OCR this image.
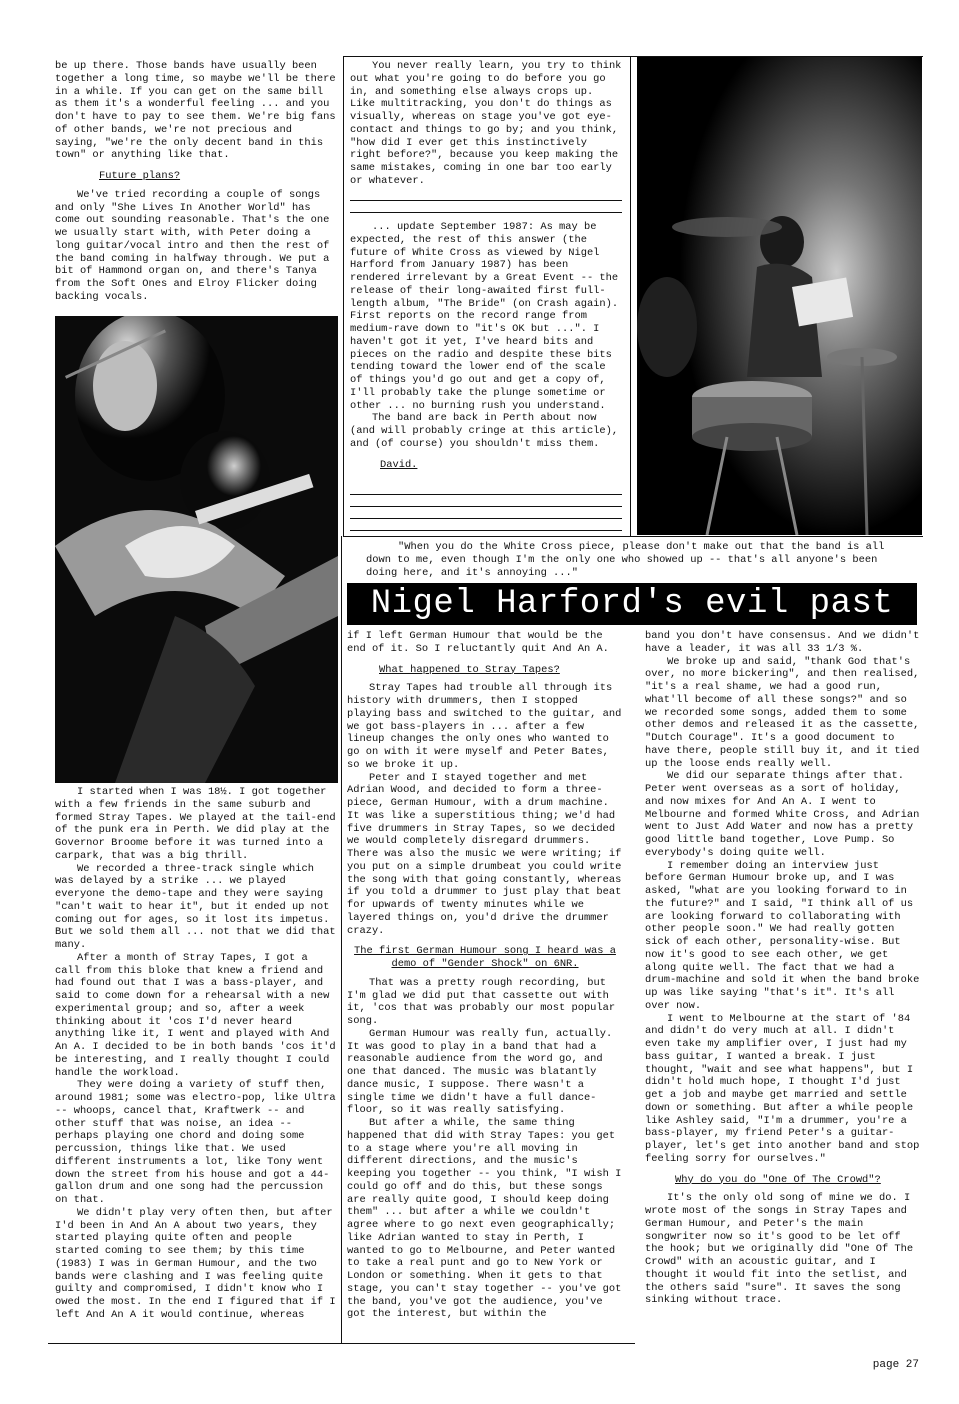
be up there. Those bands have usually been together a long time, so maybe we'll be there in a while. If you can get on the same bill as them it's a wonderful feeling ... and you don't have to pay to see them. We're big fans of other bands, we're not precious and saying, "we're the only decent band in this town" or anything like that.

Future plans?

We've tried recording a couple of songs and only "She Lives In Another World" has come out sounding reasonable. That's the one we usually start with, with Peter doing a long guitar/vocal intro and then the rest of the band coming in halfway through. We put a bit of Hammond organ on, and there's Tanya from the Soft Ones and Elroy Flicker doing backing vocals.

You never really learn, you try to think out what you're going to do before you go in, and something else always crops up. Like multitracking, you don't do things as visually, whereas on stage you've got eye-contact and things to go by; and you think, "how did I ever get this instinctively right before?", because you keep making the same mistakes, coming in one bar too early or whatever.

... update September 1987: As may be expected, the rest of this answer (the future of White Cross as viewed by Nigel Harford from January 1987) has been rendered irrelevant by a Great Event -- the release of their long-awaited first full-length album, "The Bride" (on Crash again). First reports on the record range from medium-rave down to "it's OK but ...". I haven't got it yet, I've heard bits and pieces on the radio and despite these bits tending toward the lower end of the scale of things you'd go out and get a copy of, I'll probably take the plunge sometime or other ... no burning rush you understand.

The band are back in Perth about now (and will probably cringe at this article), and (of course) you shouldn't miss them.

David.
"When you do the White Cross piece, please don't make out that the band is all down to me, even though I'm the only one who showed up -- that's all anyone's been doing here, and it's annoying ..."
Nigel Harford's evil past

I started when I was 18½. I got together with a few friends in the same suburb and formed Stray Tapes. We played at the tail-end of the punk era in Perth. We did play at the Governor Broome before it was turned into a carpark, that was a big thrill.

We recorded a three-track single which was delayed by a strike ... we played everyone the demo-tape and they were saying "can't wait to hear it", but it ended up not coming out for ages, so it lost its impetus. But we sold them all ... not that we did that many.

After a month of Stray Tapes, I got a call from this bloke that knew a friend and had found out that I was a bass-player, and said to come down for a rehearsal with a new experimental group; and so, after a week thinking about it 'cos I'd never heard anything like it, I went and played with And An A. I decided to be in both bands 'cos it'd be interesting, and I really thought I could handle the workload.

They were doing a variety of stuff then, around 1981; some was electro-pop, like Ultra -- whoops, cancel that, Kraftwerk -- and other stuff that was noise, an idea -- perhaps playing one chord and doing some percussion, things like that. We used different instruments a lot, like Tony went down the street from his house and got a 44-gallon drum and one song had the percussion on that.

We didn't play very often then, but after I'd been in And An A about two years, they started playing quite often and people started coming to see them; by this time (1983) I was in German Humour, and the two bands were clashing and I was feeling quite guilty and compromised, I didn't know who I owed the most. In the end I figured that if I left And An A it would continue, whereas

if I left German Humour that would be the end of it. So I reluctantly quit And An A.

What happened to Stray Tapes?

Stray Tapes had trouble all through its history with drummers, then I stopped playing bass and switched to the guitar, and we got bass-players in ... after a few lineup changes the only ones who wanted to go on with it were myself and Peter Bates, so we broke it up.

Peter and I stayed together and met Adrian Wood, and decided to form a three-piece, German Humour, with a drum machine. It was like a superstitious thing; we'd had five drummers in Stray Tapes, so we decided we would completely disregard drummers. There was also the music we were writing; if you put on a simple drumbeat you could write the song with that going constantly, whereas if you told a drummer to just play that beat for upwards of twenty minutes while we layered things on, you'd drive the drummer crazy.

The first German Humour song I heard was a demo of "Gender Shock" on 6NR.

That was a pretty rough recording, but I'm glad we did put that cassette out with it, 'cos that was probably our most popular song.

German Humour was really fun, actually. It was good to play in a band that had a reasonable audience from the word go, and one that danced. The music was blatantly dance music, I suppose. There wasn't a single time we didn't have a full dance-floor, so it was really satisfying.

But after a while, the same thing happened that did with Stray Tapes: you get to a stage where you're all moving in different directions, and the music's keeping you together -- you think, "I wish I could go off and do this, but these songs are really quite good, I should keep doing them" ... but after a while we couldn't agree where to go next even geographically; like Adrian wanted to stay in Perth, I wanted to go to Melbourne, and Peter wanted to take a real punt and go to New York or London or something. When it gets to that stage, you can't stay together -- you've got the band, you've got the audience, you've got the interest, but within the

band you don't have consensus. And we didn't have a leader, it was all 33 1/3 %.

We broke up and said, "thank God that's over, no more bickering", and then realised, "it's a real shame, we had a good run, what'll become of all these songs?" and so we recorded some songs, added them to some other demos and released it as the cassette, "Dutch Courage". It's a good document to have there, people still buy it, and it tied up the loose ends really well.

We did our separate things after that. Peter went overseas as a sort of holiday, and now mixes for And An A. I went to Melbourne and formed White Cross, and Adrian went to Just Add Water and now has a pretty good little band together, Love Pump. So everybody's doing quite well.

I remember doing an interview just before German Humour broke up, and I was asked, "what are you looking forward to in the future?" and I said, "I think all of us are looking forward to collaborating with other people soon." We had really gotten sick of each other, personality-wise. But now it's good to see each other, we get along quite well. The fact that we had a drum-machine and sold it when the band broke up was like saying "that's it". It's all over now.

I went to Melbourne at the start of '84 and didn't do very much at all. I didn't even take my amplifier over, I just had my bass guitar, I wanted a break. I just thought, "wait and see what happens", but I didn't hold much hope, I thought I'd just get a job and maybe get married and settle down or something. But after a while people like Ashley said, "I'm a drummer, you're a bass-player, my friend Peter's a guitar-player, let's get into another band and stop feeling sorry for ourselves."

Why do you do "One Of The Crowd"?

It's the only old song of mine we do. I wrote most of the songs in Stray Tapes and German Humour, and Peter's the main songwriter now so it's good to be let off the hook; but we originally did "One Of The Crowd" with an acoustic guitar, and I thought it would fit into the setlist, and the others said "sure". It saves the song sinking without trace.

page 27
